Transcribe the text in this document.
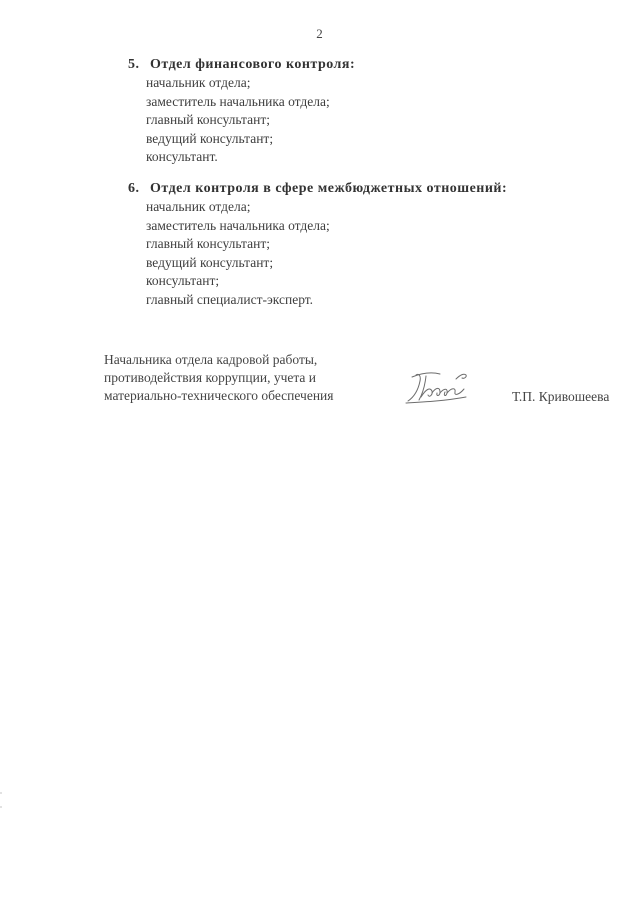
2
5. Отдел финансового контроля:
начальник отдела;
заместитель начальника отдела;
главный консультант;
ведущий консультант;
консультант.
6. Отдел контроля в сфере межбюджетных отношений:
начальник отдела;
заместитель начальника отдела;
главный консультант;
ведущий консультант;
консультант;
главный специалист-эксперт.
Начальника отдела кадровой работы,
противодействия коррупции, учета и
материально-технического обеспечения	Т.П. Кривошеева
